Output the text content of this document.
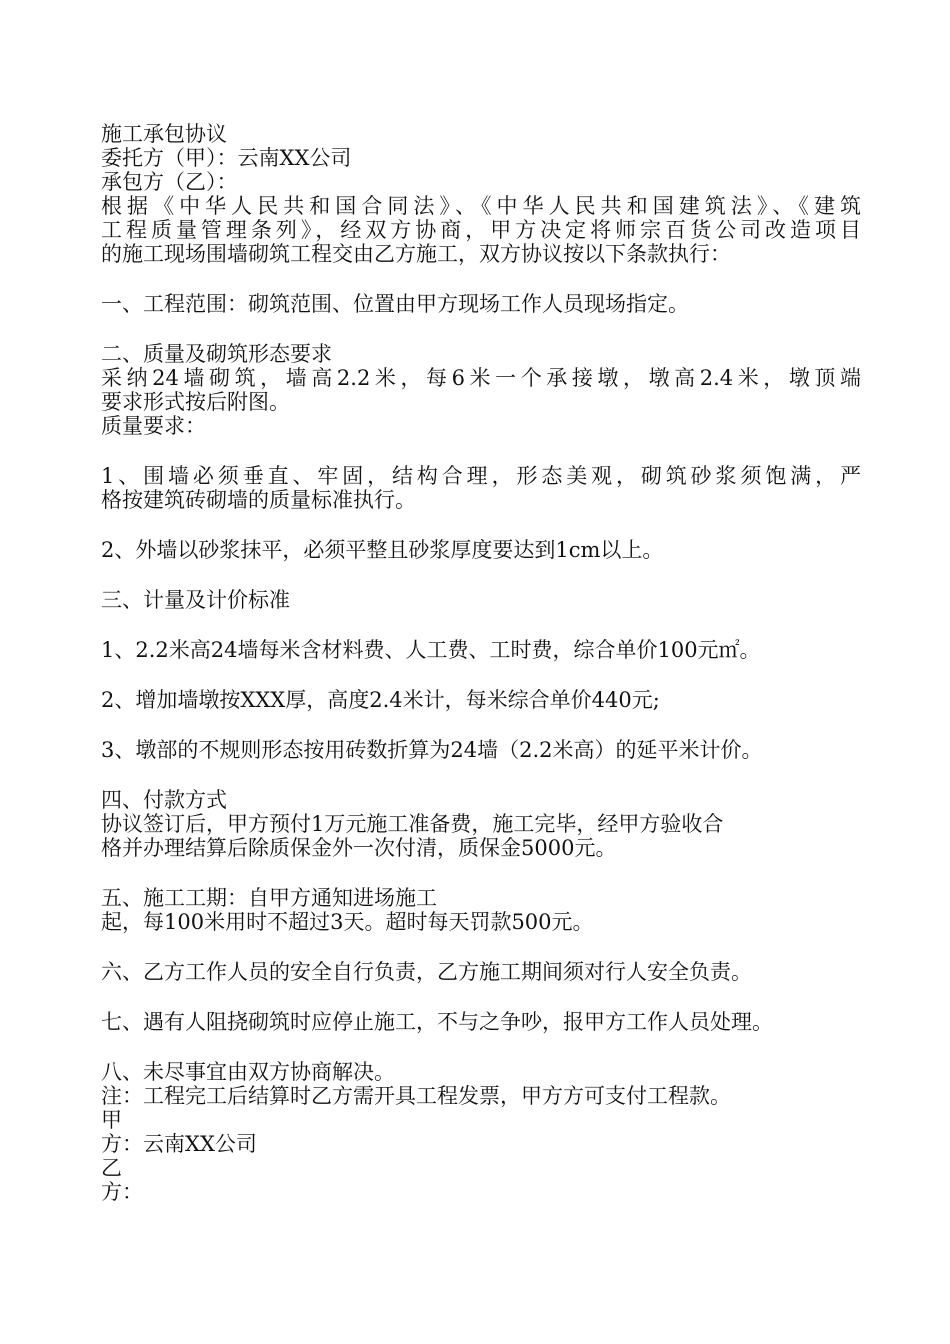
施工承包协议
委托方（甲）：云南XX公司
承包方（乙）：
根据《中华人民共和国合同法》、《中华人民共和国建筑法》、《建筑
工程质量管理条列》，经双方协商，甲方决定将师宗百货公司改造项目
的施工现场围墙砌筑工程交由乙方施工，双方协议按以下条款执行：
一、工程范围：砌筑范围、位置由甲方现场工作人员现场指定。
二、质量及砌筑形态要求
采纳24墙砌筑，墙高2.2米，每6米一个承接墩，墩高2.4米，墩顶端
要求形式按后附图。
质量要求：
1、围墙必须垂直、牢固，结构合理，形态美观，砌筑砂浆须饱满，严
格按建筑砖砌墙的质量标准执行。
2、外墙以砂浆抹平，必须平整且砂浆厚度要达到1cm以上。
三、计量及计价标准
1、2.2米高24墙每米含材料费、人工费、工时费，综合单价100元㎡。
2、增加墙墩按XXX厚，高度2.4米计，每米综合单价440元;
3、墩部的不规则形态按用砖数折算为24墙（2.2米高）的延平米计价。
四、付款方式
协议签订后，甲方预付1万元施工准备费，施工完毕，经甲方验收合
格并办理结算后除质保金外一次付清，质保金5000元。
五、施工工期：自甲方通知进场施工
起，每100米用时不超过3天。超时每天罚款500元。
六、乙方工作人员的安全自行负责，乙方施工期间须对行人安全负责。
七、遇有人阻挠砌筑时应停止施工，不与之争吵，报甲方工作人员处理。
八、未尽事宜由双方协商解决。
注：工程完工后结算时乙方需开具工程发票，甲方方可支付工程款。
甲
方：云南XX公司
乙
方：
